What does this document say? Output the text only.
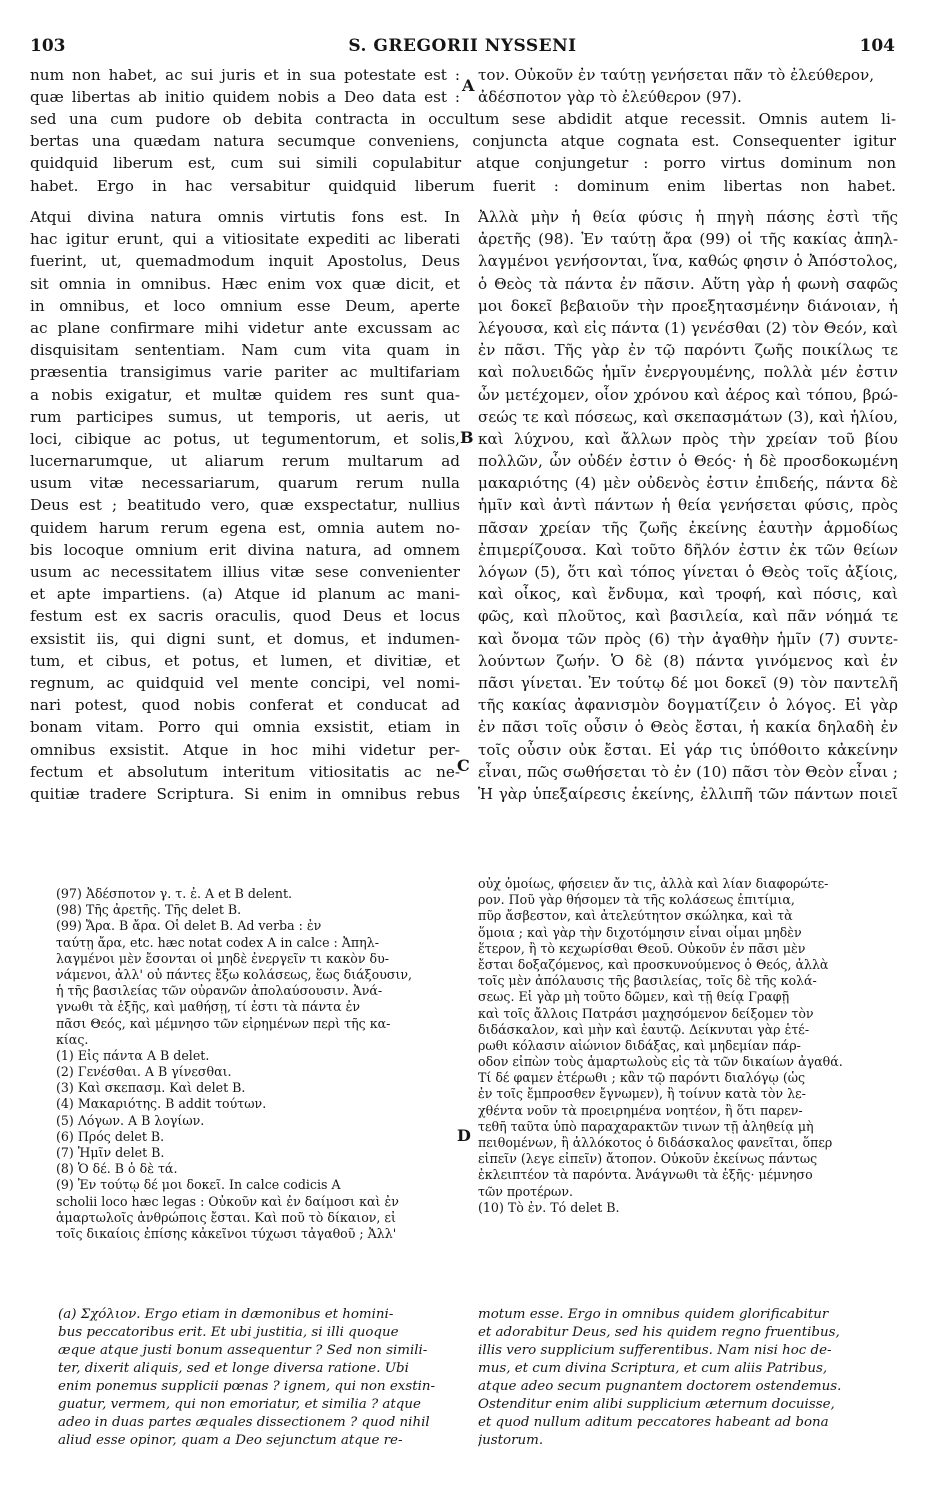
103	S. GREGORII NYSSENI	104
num non habet, ac sui juris et in sua potestate est :
quæ libertas ab initio quidem nobis a Deo data est :
τον. Οὐκοῦν ἐν ταύτῃ γενήσεται πᾶν τὸ ἐλεύθερον,
ἀδέσποτον γὰρ τὸ ἐλεύθερον (97).
sed una cum pudore ob debita contracta in occultum sese abdidit atque recessit. Omnis autem li-
bertas una quædam natura secumque conveniens, conjuncta atque cognata est. Consequenter igitur
quidquid liberum est, cum sui simili copulabitur atque conjungetur : porro virtus dominum non
habet. Ergo in hac versabitur quidquid liberum fuerit : dominum enim libertas non habet.
Atqui divina natura omnis virtutis fons est. In
hac igitur erunt, qui a vitiositate expediti ac liberati
fuerint, ut, quemadmodum inquit Apostolus, Deus
sit omnia in omnibus. Hæc enim vox quæ dicit, et
in omnibus, et loco omnium esse Deum, aperte
ac plane confirmare mihi videtur ante excussam ac
disquisitam sententiam. Nam cum vita quam in
præsentia transigimus varie pariter ac multifariam
a nobis exigatur, et multæ quidem res sunt qua-
rum participes sumus, ut temporis, ut aeris, ut
loci, cibique ac potus, ut tegumentorum, et solis,
lucernarumque, ut aliarum rerum multarum ad
usum vitæ necessariarum, quarum rerum nulla
Deus est ; beatitudo vero, quæ exspectatur, nullius
quidem harum rerum egena est, omnia autem no-
bis locoque omnium erit divina natura, ad omnem
usum ac necessitatem illius vitæ sese convenienter
et apte impartiens. (a) Atque id planum ac mani-
festum est ex sacris oraculis, quod Deus et locus
exsistit iis, qui digni sunt, et domus, et indumen-
tum, et cibus, et potus, et lumen, et divitiæ, et
regnum, ac quidquid vel mente concipi, vel nomi-
nari potest, quod nobis conferat et conducat ad
bonam vitam. Porro qui omnia exsistit, etiam in
omnibus exsistit. Atque in hoc mihi videtur per-
fectum et absolutum interitum vitiositatis ac ne-
quitiæ tradere Scriptura. Si enim in omnibus rebus
Ἀλλὰ μὴν ἡ θεία φύσις ἡ πηγὴ πάσης ἐστὶ τῆς
ἀρετῆς (98). Ἐν ταύτῃ ἄρα (99) οἱ τῆς κακίας ἀπηλ-
λαγμένοι γενήσονται, ἵνα, καθώς φησιν ὁ Ἀπόστολος,
ὁ Θεὸς τὰ πάντα ἐν πᾶσιν. Αὕτη γὰρ ἡ φωνὴ σαφῶς
μοι δοκεῖ βεβαιοῦν τὴν προεξητασμένην διάνοιαν, ἡ
λέγουσα, καὶ εἰς πάντα (1) γενέσθαι (2) τὸν Θεόν, καὶ
ἐν πᾶσι. Τῆς γὰρ ἐν τῷ παρόντι ζωῆς ποικίλως τε
καὶ πολυειδῶς ἡμῖν ἐνεργουμένης, πολλὰ μέν ἐστιν
ὧν μετέχομεν, οἷον χρόνου καὶ ἀέρος καὶ τόπου, βρώ-
σεώς τε καὶ πόσεως, καὶ σκεπασμάτων (3), καὶ ἡλίου,
καὶ λύχνου, καὶ ἄλλων πρὸς τὴν χρείαν τοῦ βίου
πολλῶν, ὧν οὐδέν ἐστιν ὁ Θεός· ἡ δὲ προσδοκωμένη
μακαριότης (4) μὲν οὐδενὸς ἐστιν ἐπιδεής, πάντα δὲ
ἡμῖν καὶ ἀντὶ πάντων ἡ θεία γενήσεται φύσις, πρὸς
πᾶσαν χρείαν τῆς ζωῆς ἐκείνης ἑαυτὴν ἁρμοδίως
ἐπιμερίζουσα. Καὶ τοῦτο δῆλόν ἐστιν ἐκ τῶν θείων
λόγων (5), ὅτι καὶ τόπος γίνεται ὁ Θεὸς τοῖς ἀξίοις,
καὶ οἶκος, καὶ ἔνδυμα, καὶ τροφή, καὶ πόσις, καὶ
φῶς, καὶ πλοῦτος, καὶ βασιλεία, καὶ πᾶν νόημά τε
καὶ ὄνομα τῶν πρὸς (6) τὴν ἀγαθὴν ἡμῖν (7) συντε-
λούντων ζωήν. Ὁ δὲ (8) πάντα γινόμενος καὶ ἐν
πᾶσι γίνεται. Ἐν τούτῳ δέ μοι δοκεῖ (9) τὸν παντελῆ
τῆς κακίας ἀφανισμὸν δογματίζειν ὁ λόγος. Εἰ γὰρ
ἐν πᾶσι τοῖς οὖσιν ὁ Θεὸς ἔσται, ἡ κακία δηλαδὴ ἐν
τοῖς οὖσιν οὐκ ἔσται. Εἰ γάρ τις ὑπόθοιτο κἀκείνην
εἶναι, πῶς σωθήσεται τὸ ἐν (10) πᾶσι τὸν Θεὸν εἶναι ;
Ἡ γὰρ ὑπεξαίρεσις ἐκείνης, ἐλλιπῆ τῶν πάντων ποιεῖ
A
B
C
D
(97) Ἀδέσποτον γ. τ. ἐ. A et B delent.
(98) Τῆς ἀρετῆς. Τῆς delet B.
(99) Ἄρα. B ἄρα. Οἱ delet B. Ad verba : ἐν
ταύτῃ ἄρα, etc. hæc notat codex A in calce : Ἀπηλ-
λαγμένοι μὲν ἔσονται οἱ μηδὲ ἐνεργεῖν τι κακὸν δυ-
νάμενοι, ἀλλ' οὐ πάντες ἔξω κολάσεως, ἕως διάξουσιν,
ἡ τῆς βασιλείας τῶν οὐρανῶν ἀπολαύσουσιν. Ἀνά-
γνωθι τὰ ἑξῆς, καὶ μαθήσῃ, τί ἐστι τὰ πάντα ἐν
πᾶσι Θεός, καὶ μέμνησο τῶν εἰρημένων περὶ τῆς κα-
κίας.
(1) Εἰς πάντα A B delet.
(2) Γενέσθαι. A B γίνεσθαι.
(3) Καὶ σκεπασμ. Καὶ delet B.
(4) Μακαριότης. B addit τούτων.
(5) Λόγων. A B λογίων.
(6) Πρός delet B.
(7) Ἡμῖν delet B.
(8) Ὁ δέ. B ὁ δὲ τά.
(9) Ἐν τούτῳ δέ μοι δοκεῖ. In calce codicis A
scholii loco hæc legas : Οὐκοῦν καὶ ἐν δαίμοσι καὶ ἐν
ἁμαρτωλοῖς ἀνθρώποις ἔσται. Καὶ ποῦ τὸ δίκαιον, εἰ
τοῖς δικαίοις ἐπίσης κἀκεῖνοι τύχωσι τἀγαθοῦ ; Ἀλλ'
οὐχ ὁμοίως, φήσειεν ἄν τις, ἀλλὰ καὶ λίαν διαφορώτε-
ρον. Ποῦ γὰρ θήσομεν τὰ τῆς κολάσεως ἐπιτίμια,
πῦρ ἄσβεστον, καὶ ἀτελεύτητον σκώληκα, καὶ τὰ
ὅμοια ; καὶ γὰρ τὴν διχοτόμησιν εἶναι οἶμαι μηδὲν
ἕτερον, ἢ τὸ κεχωρίσθαι Θεοῦ. Οὐκοῦν ἐν πᾶσι μὲν
ἔσται δοξαζόμενος, καὶ προσκυνούμενος ὁ Θεός, ἀλλὰ
τοῖς μὲν ἀπόλαυσις τῆς βασιλείας, τοῖς δὲ τῆς κολά-
σεως. Εἰ γὰρ μὴ τοῦτο δῶμεν, καὶ τῇ θείᾳ Γραφῇ
καὶ τοῖς ἄλλοις Πατράσι μαχησόμενον δείξομεν τὸν
διδάσκαλον, καὶ μὴν καὶ ἑαυτῷ. Δείκνυται γὰρ ἑτέ-
ρωθι κόλασιν αἰώνιον διδάξας, καὶ μηδεμίαν πάρ-
οδον εἰπὼν τοὺς ἁμαρτωλοὺς εἰς τὰ τῶν δικαίων ἀγαθά.
Τί δέ φαμεν ἑτέρωθι ; κἂν τῷ παρόντι διαλόγῳ (ὡς
ἐν τοῖς ἔμπροσθεν ἔγνωμεν), ἢ τοίνυν κατὰ τὸν λε-
χθέντα νοῦν τὰ προειρημένα νοητέον, ἢ ὅτι παρεν-
τεθῆ ταῦτα ὑπὸ παραχαρακτῶν τινων τῇ ἀληθείᾳ μὴ
πειθομένων, ἢ ἀλλόκοτος ὁ διδάσκαλος φανεῖται, ὅπερ
εἰπεῖν (λεγε εἰπεῖν) ἄτοπον. Οὐκοῦν ἐκείνως πάντως
ἐκλειπτέον τὰ παρόντα. Ἀνάγνωθι τὰ ἑξῆς· μέμνησο
τῶν προτέρων.
(10) Τὸ ἐν. Τό delet B.
(a) Σχόλιον. Ergo etiam in dæmonibus et homini-
bus peccatoribus erit. Et ubi justitia, si illi quoque
æque atque justi bonum assequentur ? Sed non simili-
ter, dixerit aliquis, sed et longe diversa ratione. Ubi
enim ponemus supplicii pœnas ? ignem, qui non exstin-
guatur, vermem, qui non emoriatur, et similia ? atque
adeo in duas partes æquales dissectionem ? quod nihil
aliud esse opinor, quam a Deo sejunctum atque re-
motum esse. Ergo in omnibus quidem glorificabitur
et adorabitur Deus, sed his quidem regno fruentibus,
illis vero supplicium sufferentibus. Nam nisi hoc de-
mus, et cum divina Scriptura, et cum aliis Patribus,
atque adeo secum pugnantem doctorem ostendemus.
Ostenditur enim alibi supplicium æternum docuisse,
et quod nullum aditum peccatores habeant ad bona
justorum.
